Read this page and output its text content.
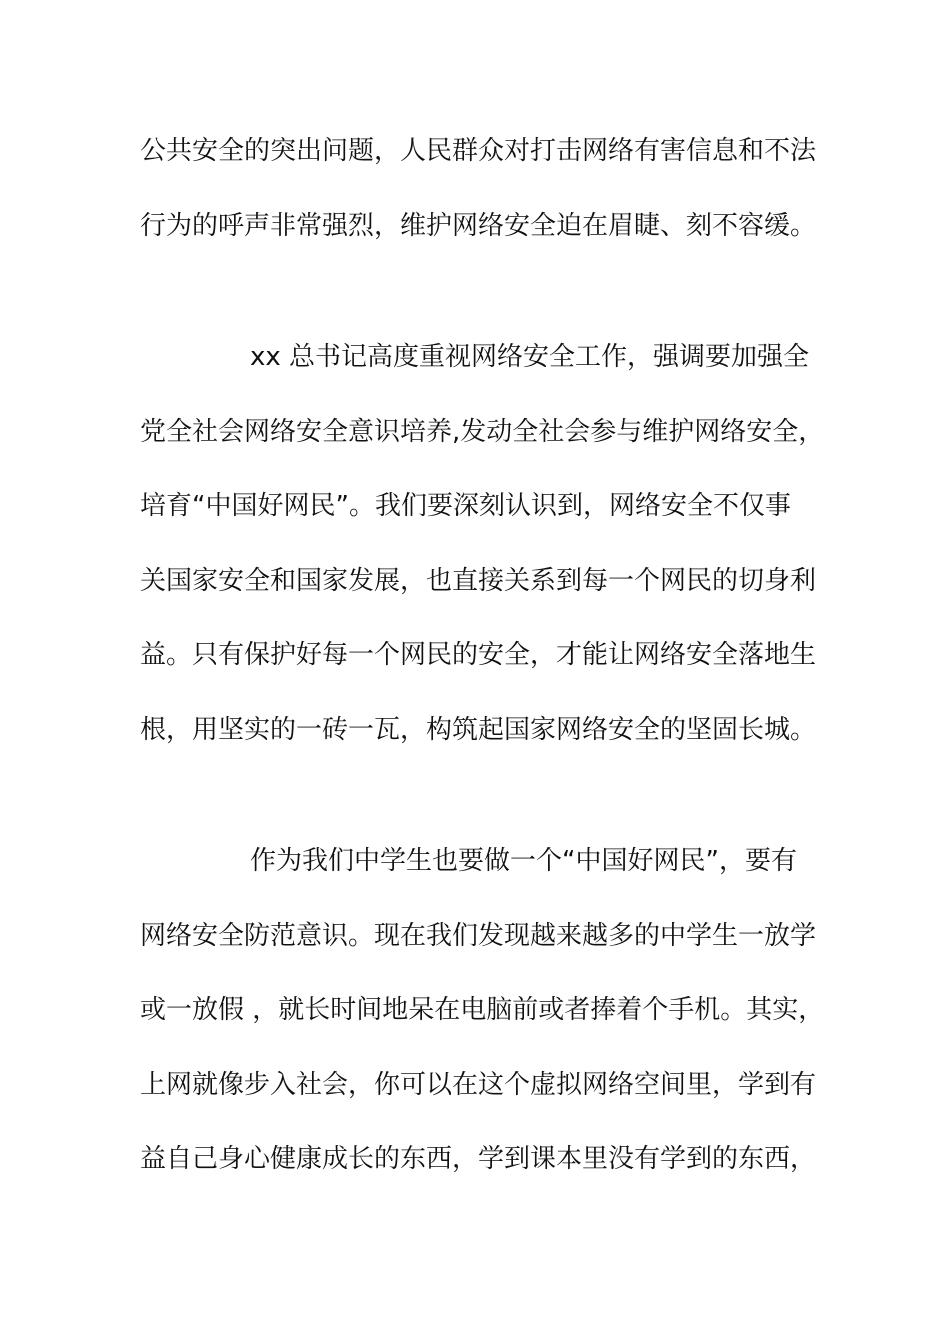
公共安全的突出问题，人民群众对打击网络有害信息和不法
行为的呼声非常强烈，维护网络安全迫在眉睫、刻不容缓。
xx 总书记高度重视网络安全工作，强调要加强全
党全社会网络安全意识培养,发动全社会参与维护网络安全，
培育“中国好网民”。我们要深刻认识到，网络安全不仅事
关国家安全和国家发展，也直接关系到每一个网民的切身利
益。只有保护好每一个网民的安全，才能让网络安全落地生
根，用坚实的一砖一瓦，构筑起国家网络安全的坚固长城。
作为我们中学生也要做一个“中国好网民”，要有
网络安全防范意识。现在我们发现越来越多的中学生一放学
或一放假 ，就长时间地呆在电脑前或者捧着个手机。其实，
上网就像步入社会，你可以在这个虚拟网络空间里，学到有
益自己身心健康成长的东西，学到课本里没有学到的东西，
